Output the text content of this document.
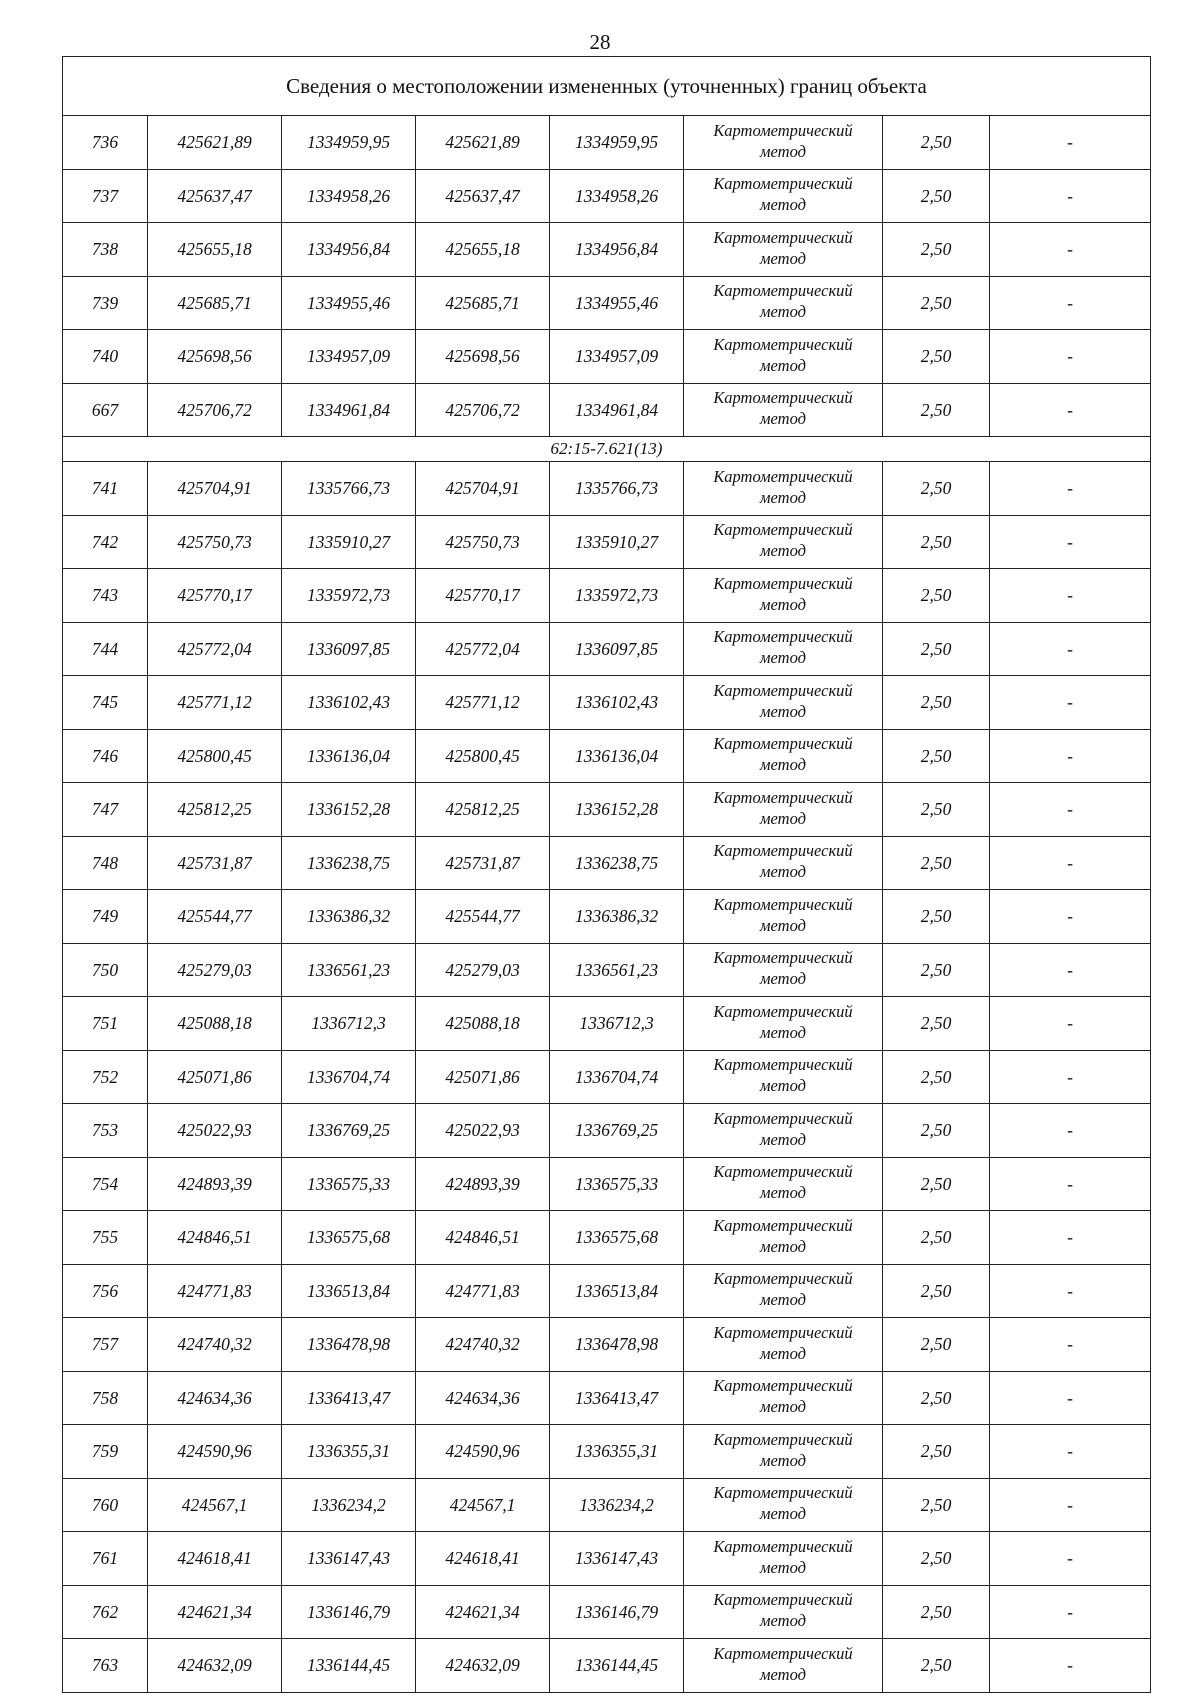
28
Сведения о местоположении измененных (уточненных) границ объекта							
736	425621,89	1334959,95	425621,89	1334959,95	Картометрический
метод	2,50	-
737	425637,47	1334958,26	425637,47	1334958,26	Картометрический
метод	2,50	-
738	425655,18	1334956,84	425655,18	1334956,84	Картометрический
метод	2,50	-
739	425685,71	1334955,46	425685,71	1334955,46	Картометрический
метод	2,50	-
740	425698,56	1334957,09	425698,56	1334957,09	Картометрический
метод	2,50	-
667	425706,72	1334961,84	425706,72	1334961,84	Картометрический
метод	2,50	-
62:15-7.621(13)							
741	425704,91	1335766,73	425704,91	1335766,73	Картометрический
метод	2,50	-
742	425750,73	1335910,27	425750,73	1335910,27	Картометрический
метод	2,50	-
743	425770,17	1335972,73	425770,17	1335972,73	Картометрический
метод	2,50	-
744	425772,04	1336097,85	425772,04	1336097,85	Картометрический
метод	2,50	-
745	425771,12	1336102,43	425771,12	1336102,43	Картометрический
метод	2,50	-
746	425800,45	1336136,04	425800,45	1336136,04	Картометрический
метод	2,50	-
747	425812,25	1336152,28	425812,25	1336152,28	Картометрический
метод	2,50	-
748	425731,87	1336238,75	425731,87	1336238,75	Картометрический
метод	2,50	-
749	425544,77	1336386,32	425544,77	1336386,32	Картометрический
метод	2,50	-
750	425279,03	1336561,23	425279,03	1336561,23	Картометрический
метод	2,50	-
751	425088,18	1336712,3	425088,18	1336712,3	Картометрический
метод	2,50	-
752	425071,86	1336704,74	425071,86	1336704,74	Картометрический
метод	2,50	-
753	425022,93	1336769,25	425022,93	1336769,25	Картометрический
метод	2,50	-
754	424893,39	1336575,33	424893,39	1336575,33	Картометрический
метод	2,50	-
755	424846,51	1336575,68	424846,51	1336575,68	Картометрический
метод	2,50	-
756	424771,83	1336513,84	424771,83	1336513,84	Картометрический
метод	2,50	-
757	424740,32	1336478,98	424740,32	1336478,98	Картометрический
метод	2,50	-
758	424634,36	1336413,47	424634,36	1336413,47	Картометрический
метод	2,50	-
759	424590,96	1336355,31	424590,96	1336355,31	Картометрический
метод	2,50	-
760	424567,1	1336234,2	424567,1	1336234,2	Картометрический
метод	2,50	-
761	424618,41	1336147,43	424618,41	1336147,43	Картометрический
метод	2,50	-
762	424621,34	1336146,79	424621,34	1336146,79	Картометрический
метод	2,50	-
763	424632,09	1336144,45	424632,09	1336144,45	Картометрический
метод	2,50	-
